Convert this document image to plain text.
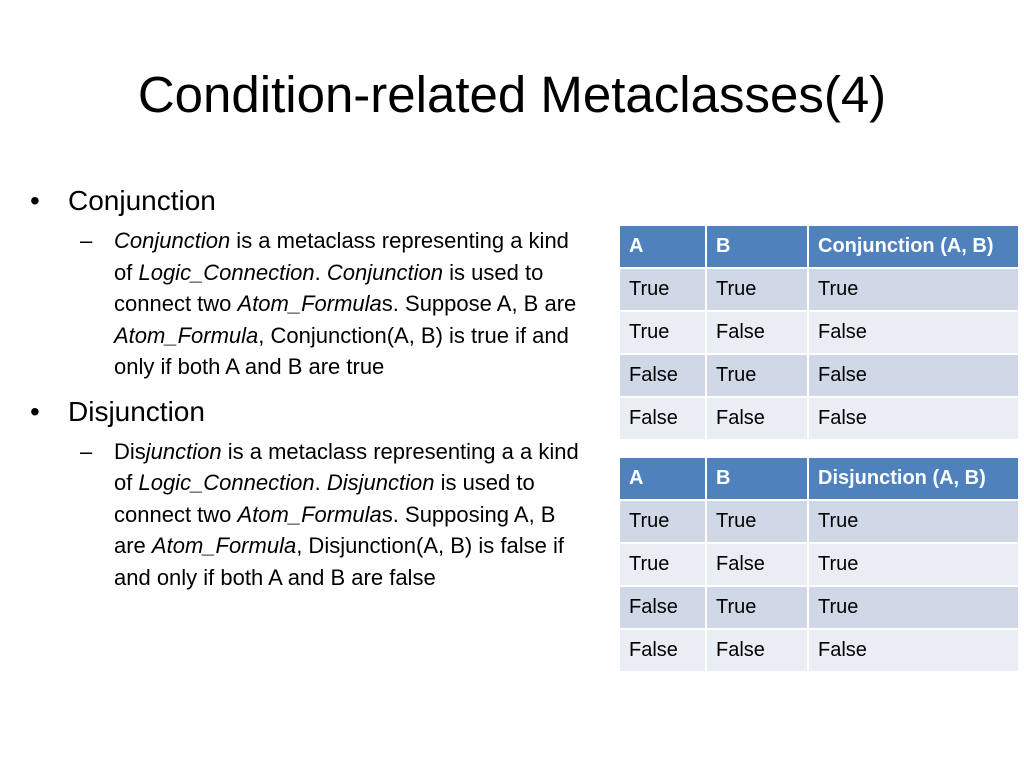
Condition-related Metaclasses(4)
• Conjunction
– Conjunction is a metaclass representing a kind of Logic_Connection. Conjunction is used to connect two Atom_Formulas. Suppose A, B are Atom_Formula, Conjunction(A, B) is true if and only if both A and B are true
• Disjunction
– Disjunction is a metaclass representing a a kind of Logic_Connection. Disjunction is used to connect two Atom_Formulas. Supposing A, B are Atom_Formula, Disjunction(A, B) is false if and only if both A and B are false
A	B	Conjunction (A, B)
True	True	True
True	False	False
False	True	False
False	False	False
A	B	Disjunction (A, B)
True	True	True
True	False	True
False	True	True
False	False	False
